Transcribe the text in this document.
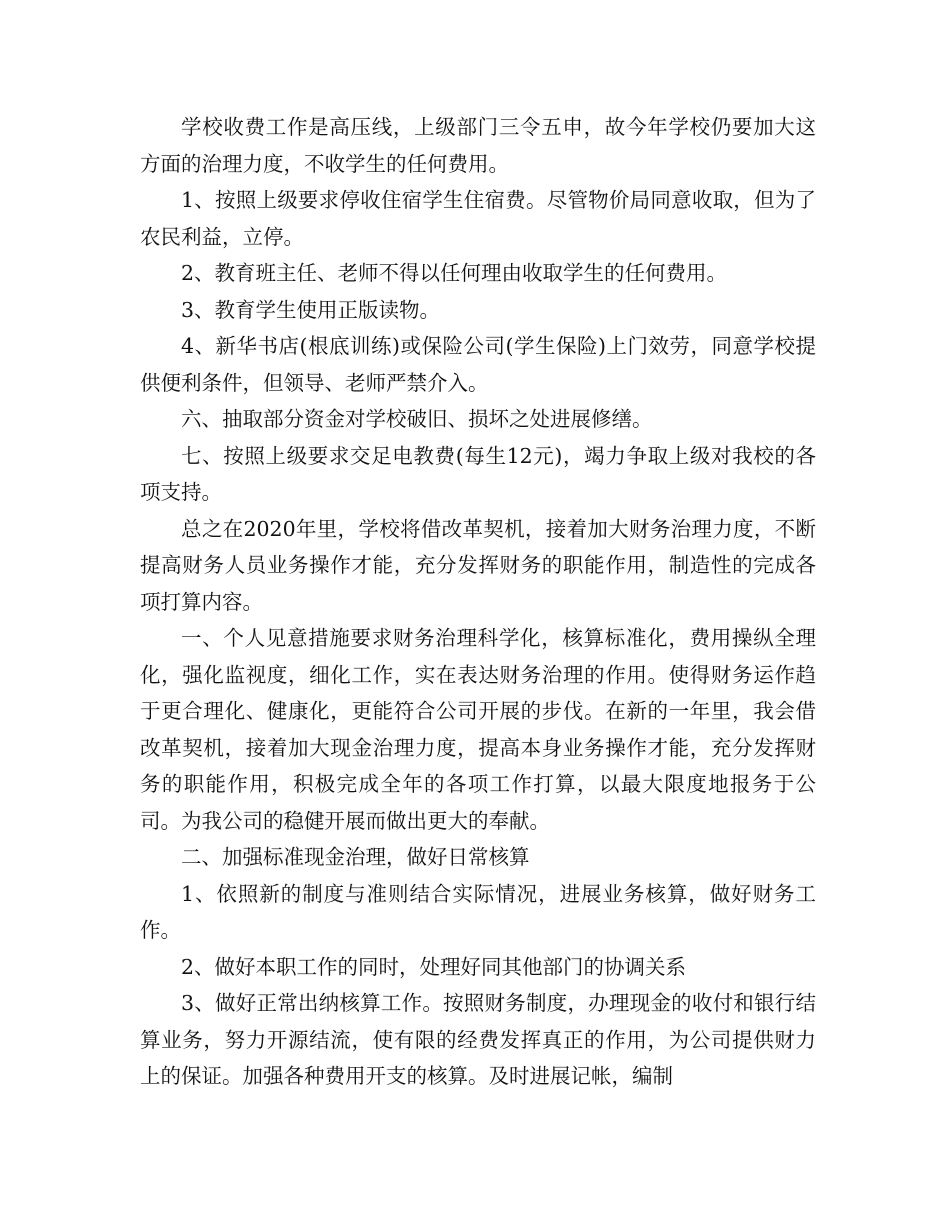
学校收费工作是高压线，上级部门三令五申，故今年学校仍要加大这方面的治理力度，不收学生的任何费用。

1、按照上级要求停收住宿学生住宿费。尽管物价局同意收取，但为了农民利益，立停。

2、教育班主任、老师不得以任何理由收取学生的任何费用。

3、教育学生使用正版读物。

4、新华书店(根底训练)或保险公司(学生保险)上门效劳，同意学校提供便利条件，但领导、老师严禁介入。

六、抽取部分资金对学校破旧、损坏之处进展修缮。

七、按照上级要求交足电教费(每生12元)，竭力争取上级对我校的各项支持。

总之在2020年里，学校将借改革契机，接着加大财务治理力度，不断提高财务人员业务操作才能，充分发挥财务的职能作用，制造性的完成各项打算内容。

一、个人见意措施要求财务治理科学化，核算标准化，费用操纵全理化，强化监视度，细化工作，实在表达财务治理的作用。使得财务运作趋于更合理化、健康化，更能符合公司开展的步伐。在新的一年里，我会借改革契机，接着加大现金治理力度，提高本身业务操作才能，充分发挥财务的职能作用，积极完成全年的各项工作打算，以最大限度地报务于公司。为我公司的稳健开展而做出更大的奉献。

二、加强标准现金治理，做好日常核算

1、依照新的制度与准则结合实际情况，进展业务核算，做好财务工作。

2、做好本职工作的同时，处理好同其他部门的协调关系

3、做好正常出纳核算工作。按照财务制度，办理现金的收付和银行结算业务，努力开源结流，使有限的经费发挥真正的作用，为公司提供财力上的保证。加强各种费用开支的核算。及时进展记帐，编制
